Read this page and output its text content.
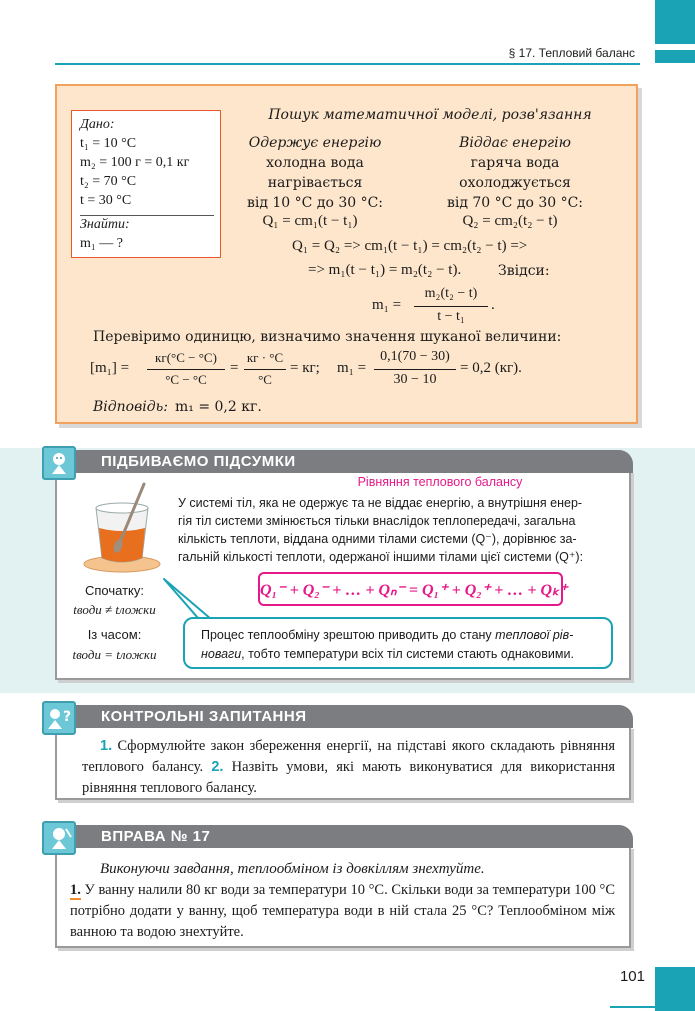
§ 17. Тепловий баланс
Дано:
t₁ = 10 °C
m₂ = 100 г = 0,1 кг
t₂ = 70 °C
t = 30 °C
Знайти:
m₁ — ?
Пошук математичної моделі, розв'язання
Одержує енергію
холодна вода
нагрівається
від 10 °C до 30 °C:
Віддає енергію
гаряча вода
охолоджується
від 70 °C до 30 °C:
Q₁ = cm₁(t − t₁)	Q₂ = cm₂(t₂ − t)
Q₁ = Q₂ => cm₁(t − t₁) = cm₂(t₂ − t) =>
=> m₁(t − t₁) = m₂(t₂ − t).	Звідси:
m₁ =
m₂(t₂ − t)
t − t₁
.
Перевіримо одиницю, визначимо значення шуканої величини:
[m₁] =
кг(°C − °C)
°C − °C
=
кг · °C
°C
= кг; m₁ =
0,1(70 − 30)
30 − 10
= 0,2 (кг).
Відповідь: m₁ = 0,2 кг.
ПІДБИВАЄМО ПІДСУМКИ
Рівняння теплового балансу
У системі тіл, яка не одержує та не віддає енергію, а внутрішня енер-
гія тіл системи змінюється тільки внаслідок теплопередачі, загальна
кількість теплоти, віддана одними тілами системи (Q⁻), дорівнює за-
гальній кількості теплоти, одержаної іншими тілами цієї системи (Q⁺):
Спочатку:
tводи ≠ tложки
Із часом:
tводи = tложки
Q₁⁻ + Q₂⁻ + … + Qₙ⁻ = Q₁⁺ + Q₂⁺ + … + Qₖ⁺
Процес теплообміну зрештою приводить до стану теплової рів-
новаги, тобто температури всіх тіл системи стають однаковими.
КОНТРОЛЬНІ ЗАПИТАННЯ
?
1. Сформулюйте закон збереження енергії, на підставі якого складають рівняння теплового балансу. 2. Назвіть умови, які мають виконуватися для використання рівняння теплового балансу.
ВПРАВА № 17
Виконуючи завдання, теплообміном із довкіллям знехтуйте.
1. У ванну налили 80 кг води за температури 10 °C. Скільки води за температури 100 °C потрібно додати у ванну, щоб температура води в ній стала 25 °C? Теплообміном між ванною та водою знехтуйте.
101
